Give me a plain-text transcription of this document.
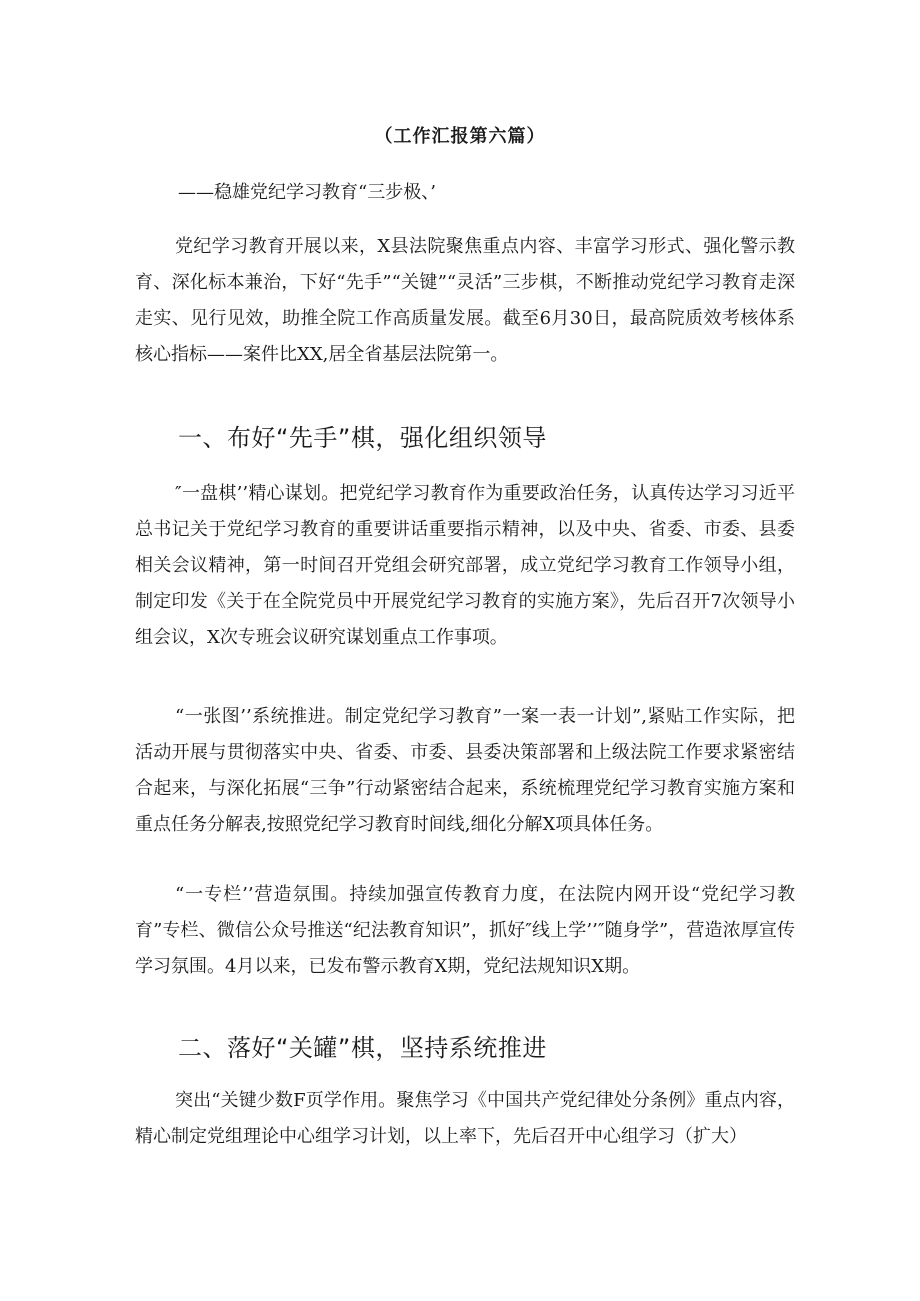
（工作汇报第六篇）
——稳雄党纪学习教育“三步极、’

党纪学习教育开展以来，X县法院聚焦重点内容、丰富学习形式、强化警示教育、深化标本兼治，下好“先手”“关键”“灵活”三步棋，不断推动党纪学习教育走深走实、见行见效，助推全院工作高质量发展。截至6月30日，最高院质效考核体系核心指标——案件比XX,居全省基层法院第一。

一、布好“先手”棋，强化组织领导

″一盘棋’’精心谋划。把党纪学习教育作为重要政治任务，认真传达学习习近平总书记关于党纪学习教育的重要讲话重要指示精神，以及中央、省委、市委、县委相关会议精神，第一时间召开党组会研究部署，成立党纪学习教育工作领导小组，制定印发《关于在全院党员中开展党纪学习教育的实施方案》，先后召开7次领导小组会议，X次专班会议研究谋划重点工作事项。

“一张图’’系统推进。制定党纪学习教育”一案一表一计划”,紧贴工作实际，把活动开展与贯彻落实中央、省委、市委、县委决策部署和上级法院工作要求紧密结合起来，与深化拓展“三争”行动紧密结合起来，系统梳理党纪学习教育实施方案和重点任务分解表,按照党纪学习教育时间线,细化分解X项具体任务。

“一专栏’’营造氛围。持续加强宣传教育力度，在法院内网开设“党纪学习教育”专栏、微信公众号推送“纪法教育知识”，抓好″线上学’’″随身学”，营造浓厚宣传学习氛围。4月以来，已发布警示教育X期，党纪法规知识X期。

二、落好“关罐”棋，坚持系统推进

突出“关键少数F页学作用。聚焦学习《中国共产党纪律处分条例》重点内容，精心制定党组理论中心组学习计划，以上率下，先后召开中心组学习（扩大）
